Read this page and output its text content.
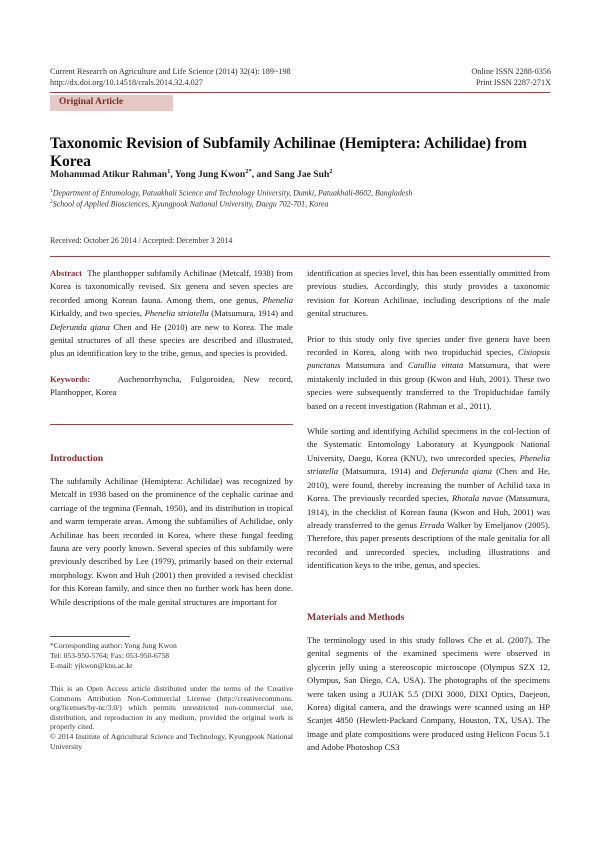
Current Research on Agriculture and Life Science (2014) 32(4): 189~198
http://dx.doi.org/10.14518/crals.2014.32.4.027
Online ISSN 2288-0356
Print ISSN 2287-271X
Original Article
Taxonomic Revision of Subfamily Achilinae (Hemiptera: Achilidae) from Korea
Mohammad Atikur Rahman$^1$, Yong Jung Kwon$^{2*}$, and Sang Jae Suh$^2$
$^1$Department of Entomology, Patuakhali Science and Technology University, Dumki, Patuakhali-8602, Bangladesh
$^2$School of Applied Biosciences, Kyungpook National University, Daegu 702-701, Korea
Received: October 26 2014 / Accepted: December 3 2014

Abstract The planthopper subfamily Achilinae (Metcalf, 1938) from Korea is taxonomically revised. Six genera and seven species are recorded among Korean fauna. Among them, one genus, Phenelia Kirkaldy, and two species, Phenelia striatella (Matsumura, 1914) and Deferunda qiana Chen and He (2010) are new to Korea. The male genital structures of all these species are described and illustrated, plus an identification key to the tribe, genus, and species is provided.

Keywords:	Auchenorrhyncha, Fulgoroidea, New record, Planthopper, Korea

Introduction

The subfamily Achilinae (Hemiptera: Achilidae) was recognized by Metcalf in 1938 based on the prominence of the cephalic carinae and carriage of the tegmina (Fennah, 1950), and its distribution in tropical and warm temperate areas. Among the subfamilies of Achilidae, only Achilinae has been recorded in Korea, where these fungal feeding fauna are very poorly known. Several species of this subfamily were previously described by Lee (1979), primarily based on their external morphology. Kwon and Huh (2001) then provided a revised checklist for this Korean family, and since then no further work has been done. While descriptions of the male genital structures are important for

*Corresponding author: Yong Jung Kwon
Tel: 053-950-5764; Fax: 053-950-6758
E-mail: yjkwon@knu.ac.kr
This is an Open Access article distributed under the terms of the Creative Commons Attribution Non-Commercial License (http://creativecommons. org/licenses/by-nc/3.0/) which permits unrestricted non-commercial use, distribution, and reproduction in any medium, provided the original work is properly cited.
© 2014 Institute of Agricultural Science and Technology, Kyungpook National University

identification at species level, this has been essentially ommitted from previous studies. Accordingly, this study provides a taxonomic revision for Korean Achilinae, including descriptions of the male genital structures.

Prior to this study only five species under five genera have been recorded in Korea, along with two tropiduchid species, Cixiopsis punctatus Matsumura and Catullia vittata Matsumura, that were mistakenly included in this group (Kwon and Huh, 2001). These two species were subsequently transferred to the Tropiduchidae family based on a recent investigation (Rahman et al., 2011).

While sorting and identifying Achilid specimens in the col-lection of the Systematic Entomology Laboratory at Kyungpook National University, Daegu, Korea (KNU), two unrecorded species, Phenelia striatella (Matsumura, 1914) and Deferunda qiana (Chen and He, 2010), were found, thereby increasing the number of Achilid taxa in Korea. The previously recorded species, Rhotala navae (Matsumura, 1914), in the checklist of Korean fauna (Kwon and Huh, 2001) was already transferred to the genus Errada Walker by Emeljanov (2005). Therefore, this paper presents descriptions of the male genitalia for all recorded and unrecorded species, including illustrations and identification keys to the tribe, genus, and species.

Materials and Methods

The terminology used in this study follows Che et al. (2007). The genital segments of the examined specimens were observed in glycerin jelly using a stereoscopic microscope (Olympus SZX 12, Olympus, San Diego, CA, USA). The photographs of the specimens were taken using a JUJAK 5.5 (DIXI 3000, DIXI Optics, Daejeon, Korea) digital camera, and the drawings were scanned using an HP Scanjet 4850 (Hewlett-Packard Company, Houston, TX, USA). The image and plate compositions were produced using Helicon Focus 5.1 and Adobe Photoshop CS3
